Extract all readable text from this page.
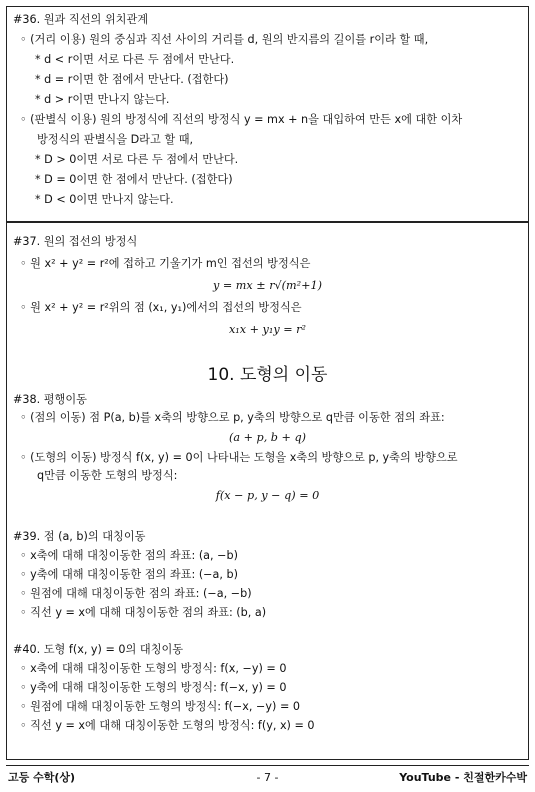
#36. 원과 직선의 위치관계
◦ (거리 이용) 원의 중심과 직선 사이의 거리를 d, 원의 반지름의 길이를 r이라 할 때,
* d < r이면 서로 다른 두 점에서 만난다.
* d = r이면 한 점에서 만난다. (접한다)
* d > r이면 만나지 않는다.
◦ (판별식 이용) 원의 방정식에 직선의 방정식 y = mx + n을 대입하여 만든 x에 대한 이차
방정식의 판별식을 D라고 할 때,
* D > 0이면 서로 다른 두 점에서 만난다.
* D = 0이면 한 점에서 만난다. (접한다)
* D < 0이면 만나지 않는다.
#37. 원의 접선의 방정식
◦ 원 x² + y² = r²에 접하고 기울기가 m인 접선의 방정식은
y = mx ± r√(m²+1)
◦ 원 x² + y² = r²위의 점 (x₁, y₁)에서의 접선의 방정식은
x₁x + y₁y = r²
10. 도형의 이동
#38. 평행이동
◦ (점의 이동) 점 P(a, b)를 x축의 방향으로 p, y축의 방향으로 q만큼 이동한 점의 좌표:
(a + p, b + q)
◦ (도형의 이동) 방정식 f(x, y) = 0이 나타내는 도형을 x축의 방향으로 p, y축의 방향으로
q만큼 이동한 도형의 방정식:
f(x − p, y − q) = 0
#39. 점 (a, b)의 대칭이동
◦ x축에 대해 대칭이동한 점의 좌표: (a, −b)
◦ y축에 대해 대칭이동한 점의 좌표: (−a, b)
◦ 원점에 대해 대칭이동한 점의 좌표: (−a, −b)
◦ 직선 y = x에 대해 대칭이동한 점의 좌표: (b, a)
#40. 도형 f(x, y) = 0의 대칭이동
◦ x축에 대해 대칭이동한 도형의 방정식: f(x, −y) = 0
◦ y축에 대해 대칭이동한 도형의 방정식: f(−x, y) = 0
◦ 원점에 대해 대칭이동한 도형의 방정식: f(−x, −y) = 0
◦ 직선 y = x에 대해 대칭이동한 도형의 방정식: f(y, x) = 0
고등 수학(상)	- 7 -	YouTube - 친절한카수박
